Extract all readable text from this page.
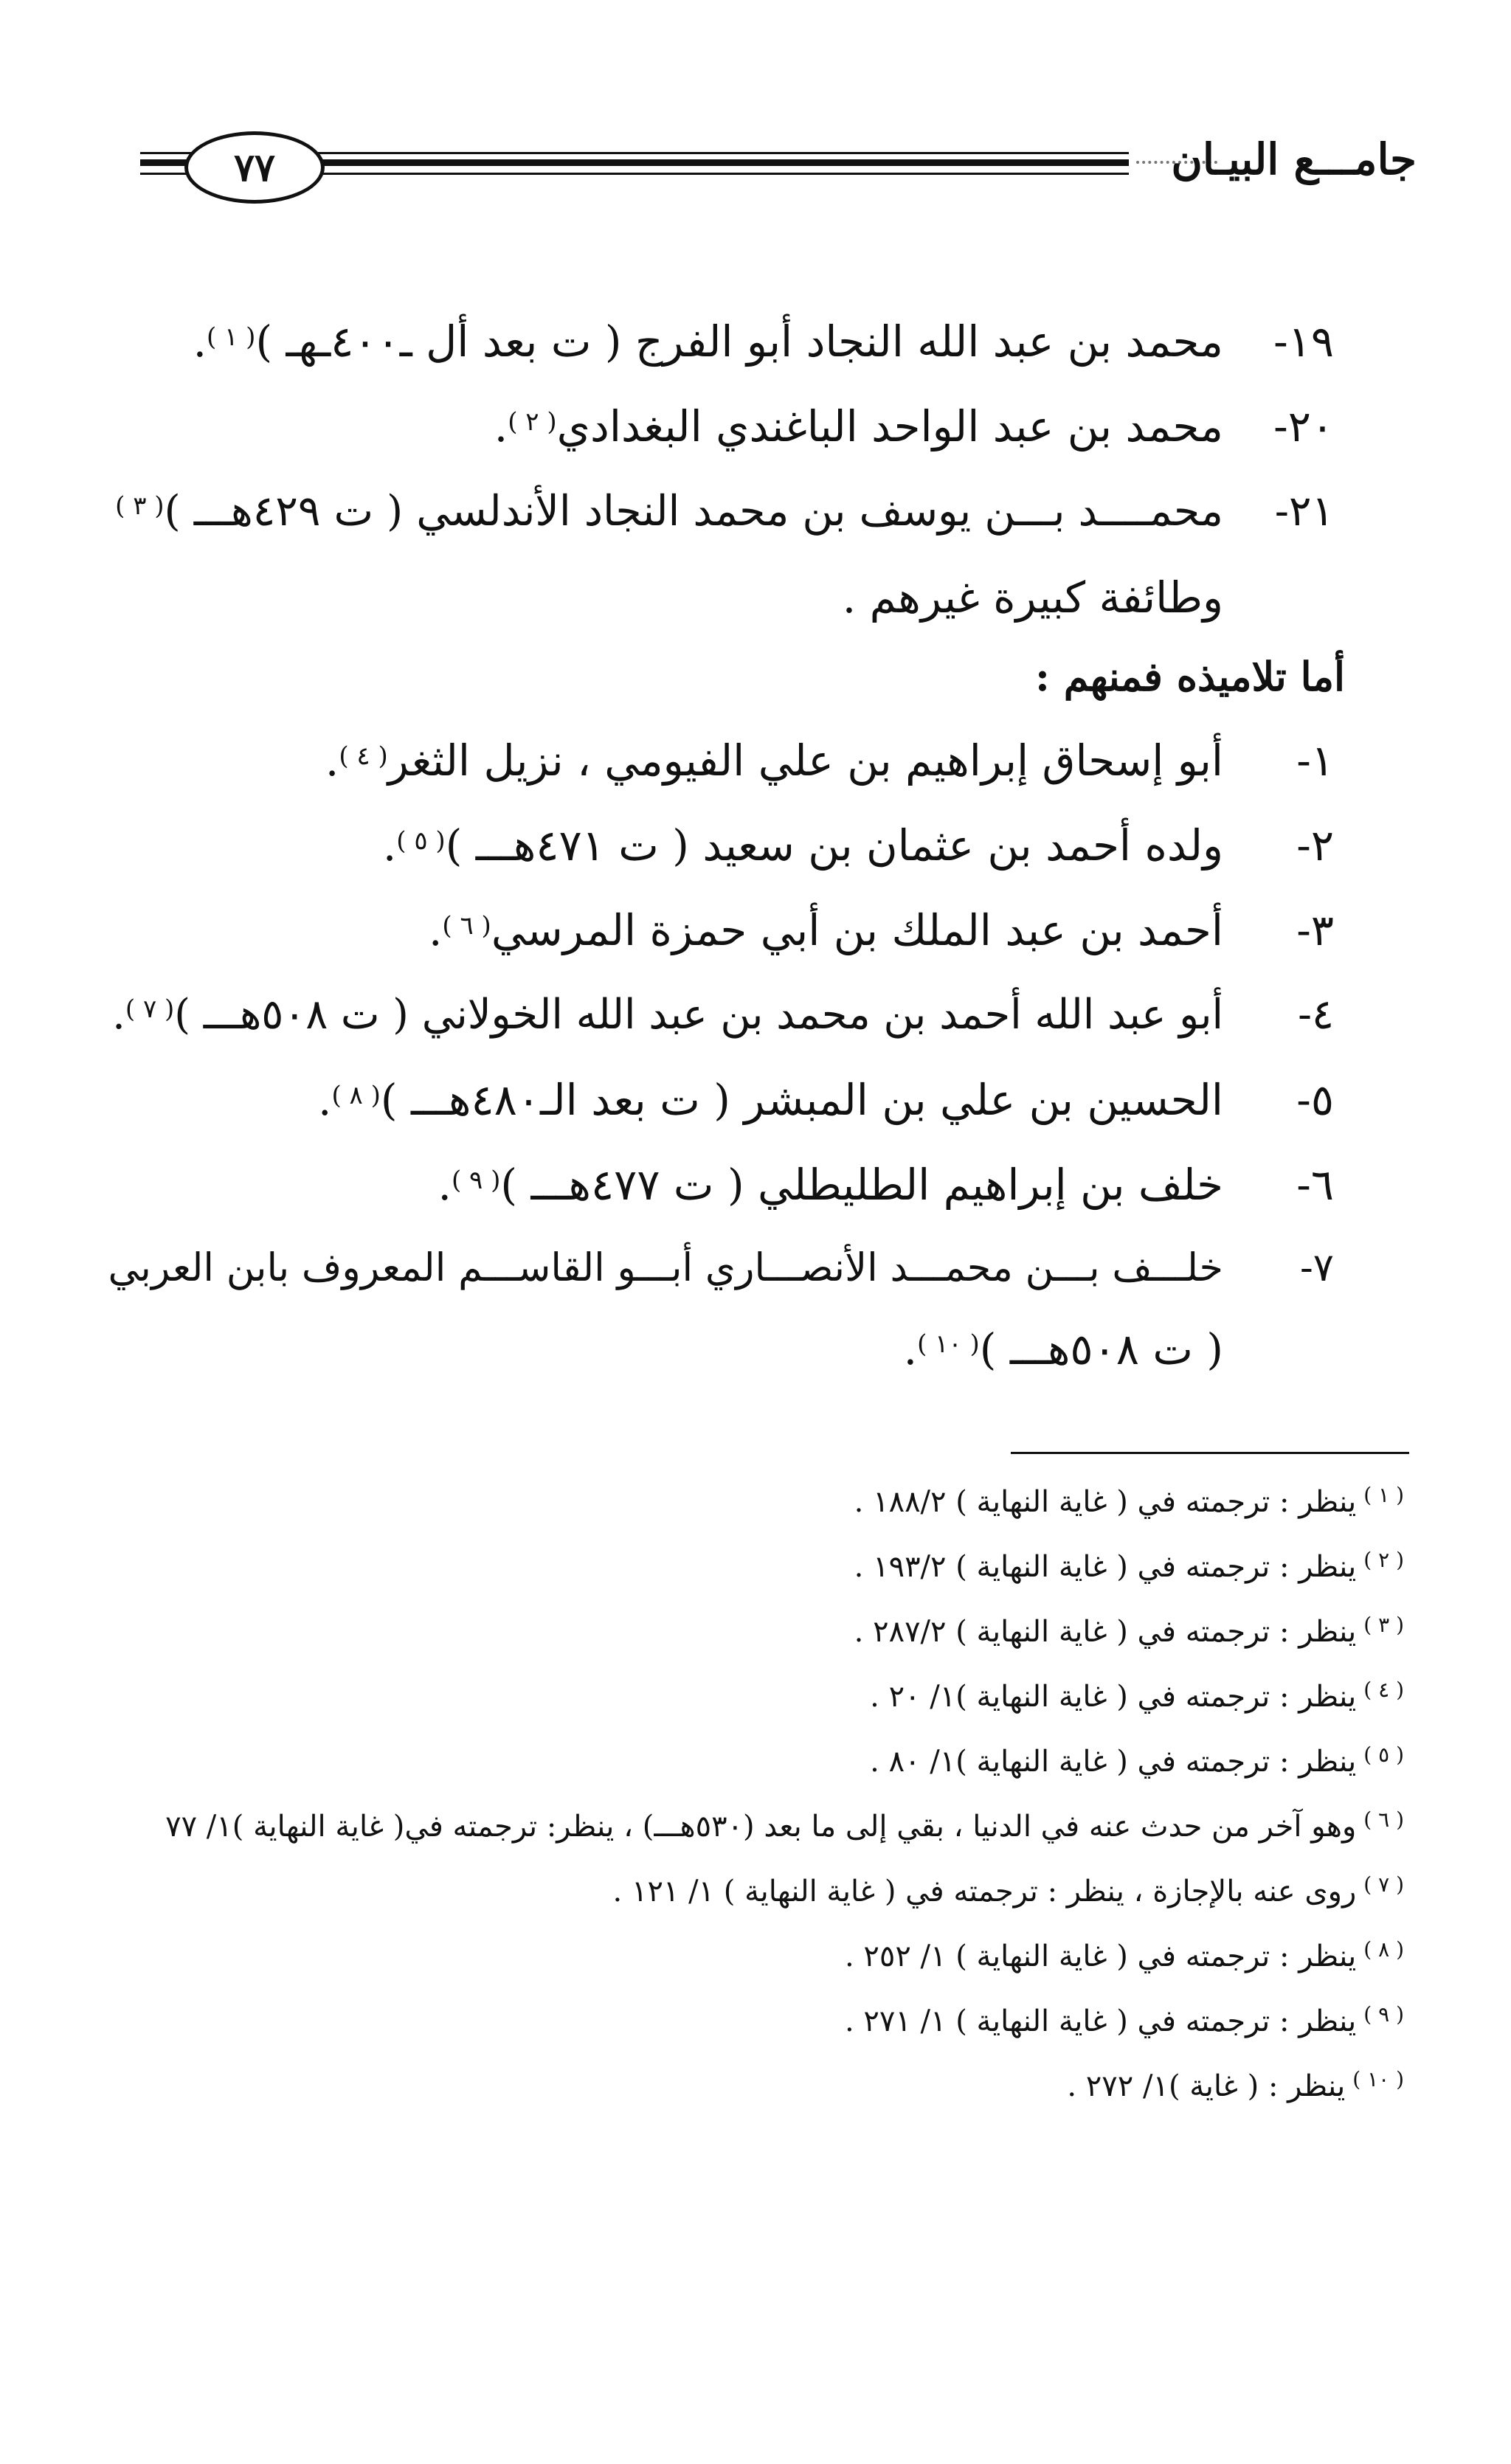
٧٧	جامـــع البيـان
١٩-محمد بن عبد الله النجاد أبو الفرج ( ت بعد أل ـ٤٠٠ـهـ )$^{( ١ )}$.
٢٠-محمد بن عبد الواحد الباغندي البغدادي$^{( ٢ )}$.
٢١-محمــــد بـــن يوسف بن محمد النجاد الأندلسي ( ت ٤٢٩هـــ )$^{( ٣ )}$
وطائفة كبيرة غيرهم .
أما تلاميذه فمنهم :
١-أبو إسحاق إبراهيم بن علي الفيومي ، نزيل الثغر$^{( ٤ )}$.
٢-ولده أحمد بن عثمان بن سعيد ( ت ٤٧١هـــ )$^{( ٥ )}$.
٣-أحمد بن عبد الملك بن أبي حمزة المرسي$^{( ٦ )}$.
٤-أبو عبد الله أحمد بن محمد بن عبد الله الخولاني ( ت ٥٠٨هـــ )$^{( ٧ )}$.
٥-الحسين بن علي بن المبشر ( ت بعد الـ٤٨٠هـــ )$^{( ٨ )}$.
٦-خلف بن إبراهيم الطليطلي ( ت ٤٧٧هـــ )$^{( ٩ )}$.
٧-خلـــف بـــن محمـــد الأنصـــاري أبـــو القاســـم المعروف بابن العربي
( ت ٥٠٨هـــ )$^{( ١٠ )}$.
$^{( ١ )}$ينظر : ترجمته في ( غاية النهاية ) ١٨٨/٢ .
$^{( ٢ )}$ينظر : ترجمته في ( غاية النهاية ) ١٩٣/٢ .
$^{( ٣ )}$ينظر : ترجمته في ( غاية النهاية ) ٢٨٧/٢ .
$^{( ٤ )}$ينظر : ترجمته في ( غاية النهاية )١/ ٢٠ .
$^{( ٥ )}$ينظر : ترجمته في ( غاية النهاية )١/ ٨٠ .
$^{( ٦ )}$وهو آخر من حدث عنه في الدنيا ، بقي إلى ما بعد (٥٣٠هـــ) ، ينظر: ترجمته في( غاية النهاية )١/ ٧٧
$^{( ٧ )}$روى عنه بالإجازة ، ينظر : ترجمته في ( غاية النهاية ) ١/ ١٢١ .
$^{( ٨ )}$ينظر : ترجمته في ( غاية النهاية ) ١/ ٢٥٢ .
$^{( ٩ )}$ينظر : ترجمته في ( غاية النهاية ) ١/ ٢٧١ .
$^{( ١٠ )}$ينظر : ( غاية )١/ ٢٧٢ .
